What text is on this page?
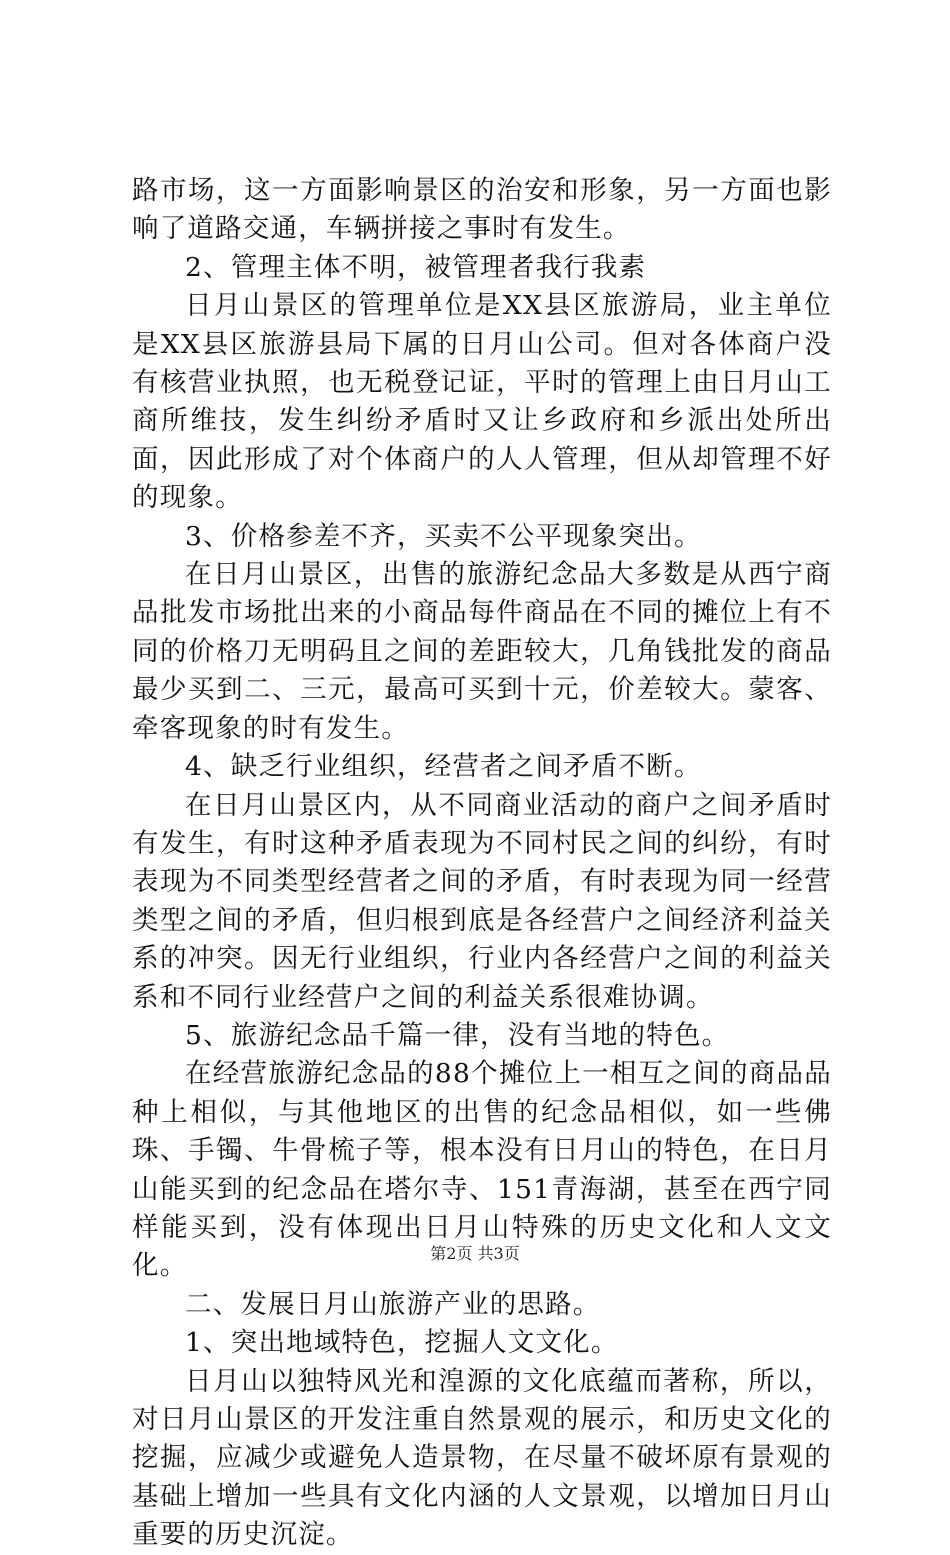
路市场，这一方面影响景区的治安和形象，另一方面也影响了道路交通，车辆拼接之事时有发生。

2、管理主体不明，被管理者我行我素

日月山景区的管理单位是XX县区旅游局，业主单位是XX县区旅游县局下属的日月山公司。但对各体商户没有核营业执照，也无税登记证，平时的管理上由日月山工商所维技，发生纠纷矛盾时又让乡政府和乡派出处所出面，因此形成了对个体商户的人人管理，但从却管理不好的现象。

3、价格参差不齐，买卖不公平现象突出。

在日月山景区，出售的旅游纪念品大多数是从西宁商品批发市场批出来的小商品每件商品在不同的摊位上有不同的价格刀无明码且之间的差距较大，几角钱批发的商品最少买到二、三元，最高可买到十元，价差较大。蒙客、牵客现象的时有发生。

4、缺乏行业组织，经营者之间矛盾不断。

在日月山景区内，从不同商业活动的商户之间矛盾时有发生，有时这种矛盾表现为不同村民之间的纠纷，有时表现为不同类型经营者之间的矛盾，有时表现为同一经营类型之间的矛盾，但归根到底是各经营户之间经济利益关系的冲突。因无行业组织，行业内各经营户之间的利益关系和不同行业经营户之间的利益关系很难协调。

5、旅游纪念品千篇一律，没有当地的特色。

在经营旅游纪念品的88个摊位上一相互之间的商品品种上相似，与其他地区的出售的纪念品相似，如一些佛珠、手镯、牛骨梳子等，根本没有日月山的特色，在日月山能买到的纪念品在塔尔寺、151青海湖，甚至在西宁同样能买到，没有体现出日月山特殊的历史文化和人文文化。

二、发展日月山旅游产业的思路。

1、突出地域特色，挖掘人文文化。

日月山以独特风光和湟源的文化底蕴而著称，所以，对日月山景区的开发注重自然景观的展示，和历史文化的挖掘，应减少或避免人造景物，在尽量不破坏原有景观的基础上增加一些具有文化内涵的人文景观，以增加日月山重要的历史沉淀。

第2页 共3页
